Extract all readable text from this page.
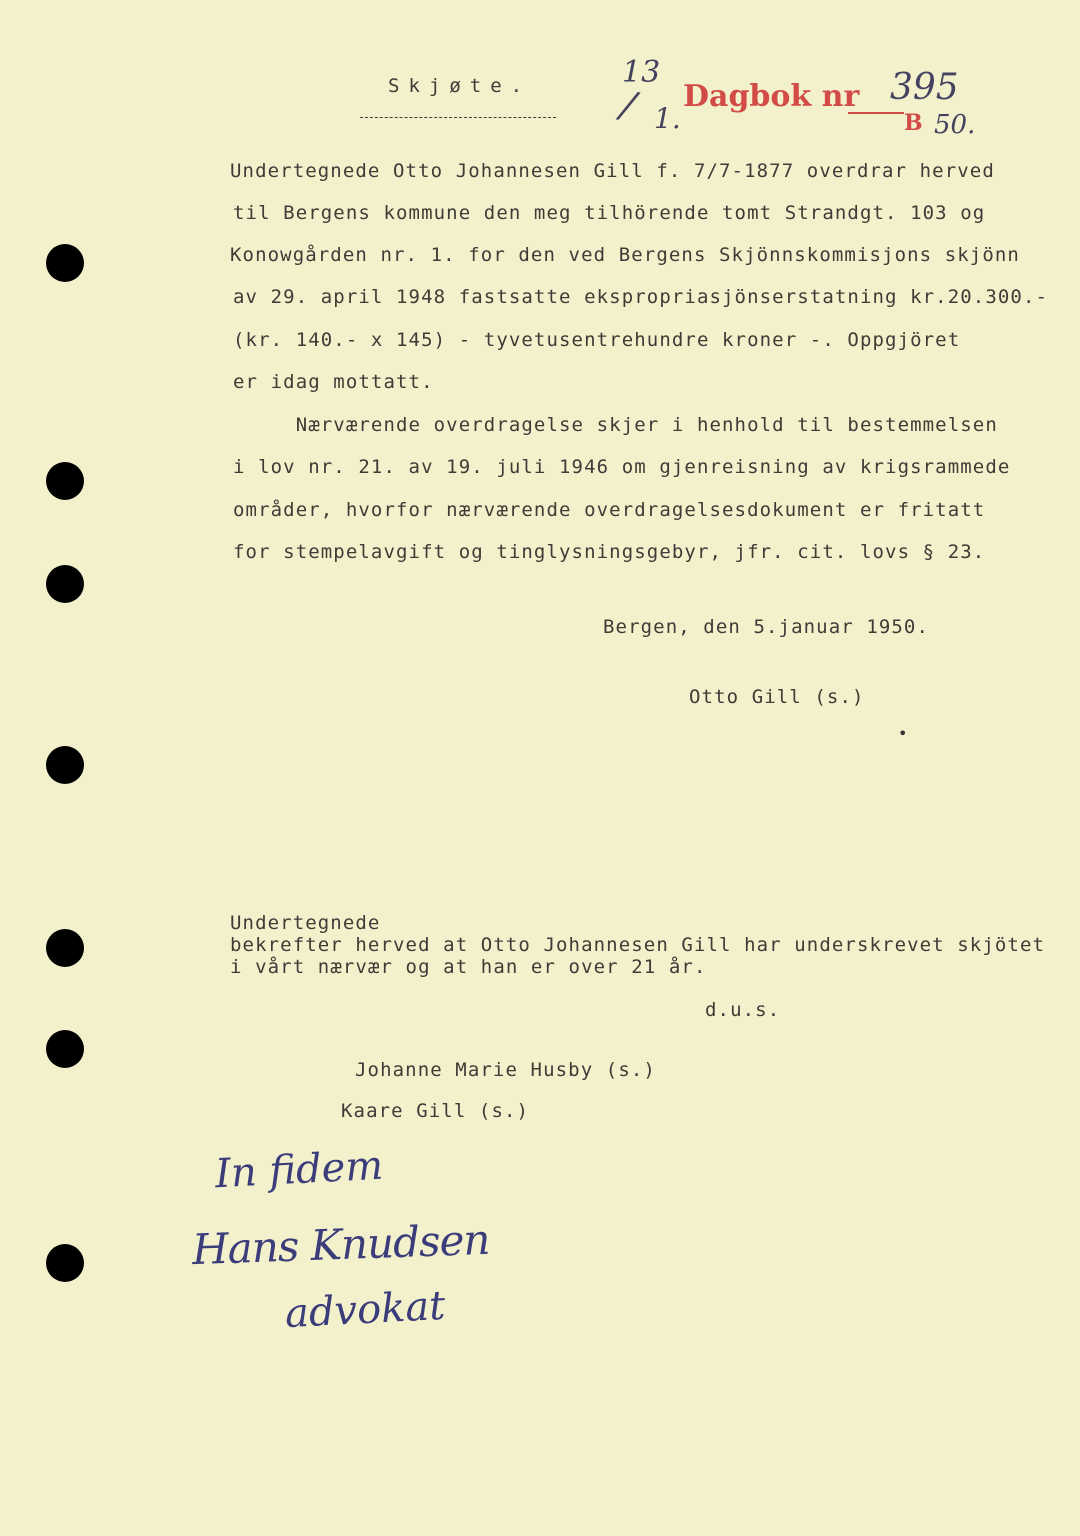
Skjøte.	13
/ 1.
Dagbok nr 395
B 50.
Undertegnede Otto Johannesen Gill f. 7/7-1877 overdrar herved
til Bergens kommune den meg tilhörende tomt Strandgt. 103 og
Konowgården nr. 1. for den ved Bergens Skjönnskommisjons skjönn
av 29. april 1948 fastsatte ekspropriasjönserstatning kr.20.300.-
(kr. 140.- x 145) - tyvetusentrehundre kroner -. Oppgjöret
er idag mottatt.
Nærværende overdragelse skjer i henhold til bestemmelsen
i lov nr. 21. av 19. juli 1946 om gjenreisning av krigsrammede
områder, hvorfor nærværende overdragelsesdokument er fritatt
for stempelavgift og tinglysningsgebyr, jfr. cit. lovs § 23.
Bergen, den 5.januar 1950.
Otto Gill (s.)
Undertegnede
bekrefter herved at Otto Johannesen Gill har underskrevet skjötet
i vårt nærvær og at han er over 21 år.
d.u.s.
Johanne Marie Husby (s.)
Kaare Gill (s.)
In fidem
Hans Knudsen
advokat
•
